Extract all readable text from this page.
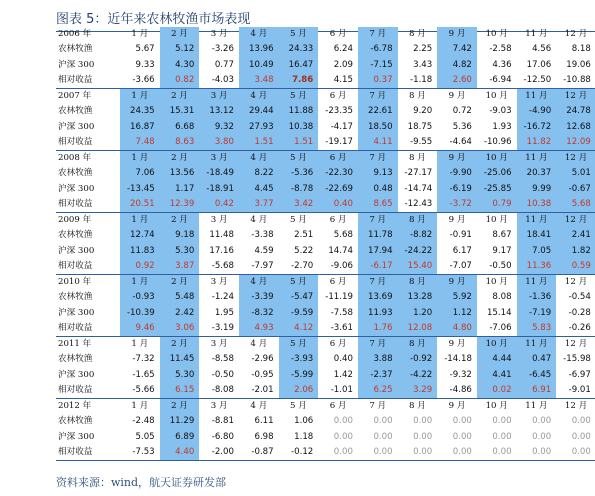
图表 5：近年来农林牧渔市场表现
2006 年	1 月	2 月	3 月	4 月	5 月	6 月	7 月	8 月	9 月	10 月	11 月	12 月
农林牧渔	5.67	5.12	-3.26	13.96	24.33	6.24	-6.78	2.25	7.42	-2.58	4.56	8.18
沪深 300	9.33	4.30	0.77	10.49	16.47	2.09	-7.15	3.43	4.82	4.36	17.06	19.06
相对收益	-3.66	0.82	-4.03	3.48	7.86	4.15	0.37	-1.18	2.60	-6.94	-12.50	-10.88
2007 年	1 月	2 月	3 月	4 月	5 月	6 月	7 月	8 月	9 月	10 月	11 月	12 月
农林牧渔	24.35	15.31	13.12	29.44	11.88	-23.35	22.61	9.20	0.72	-9.03	-4.90	24.78
沪深 300	16.87	6.68	9.32	27.93	10.38	-4.17	18.50	18.75	5.36	1.93	-16.72	12.68
相对收益	7.48	8.63	3.80	1.51	1.51	-19.17	4.11	-9.55	-4.64	-10.96	11.82	12.09
2008 年	1 月	2 月	3 月	4 月	5 月	6 月	7 月	8 月	9 月	10 月	11 月	12 月
农林牧渔	7.06	13.56	-18.49	8.22	-5.36	-22.30	9.13	-27.17	-9.90	-25.06	20.37	5.01
沪深 300	-13.45	1.17	-18.91	4.45	-8.78	-22.69	0.48	-14.74	-6.19	-25.85	9.99	-0.67
相对收益	20.51	12.39	0.42	3.77	3.42	0.40	8.65	-12.43	-3.72	0.79	10.38	5.68
2009 年	1 月	2 月	3 月	4 月	5 月	6 月	7 月	8 月	9 月	10 月	11 月	12 月
农林牧渔	12.74	9.18	11.48	-3.38	2.51	5.68	11.78	-8.82	-0.91	8.67	18.41	2.41
沪深 300	11.83	5.30	17.16	4.59	5.22	14.74	17.94	-24.22	6.17	9.17	7.05	1.82
相对收益	0.92	3.87	-5.68	-7.97	-2.70	-9.06	-6.17	15.40	-7.07	-0.50	11.36	0.59
2010 年	1 月	2 月	3 月	4 月	5 月	6 月	7 月	8 月	9 月	10 月	11 月	12 月
农林牧渔	-0.93	5.48	-1.24	-3.39	-5.47	-11.19	13.69	13.28	5.92	8.08	-1.36	-0.54
沪深 300	-10.39	2.42	1.95	-8.32	-9.59	-7.58	11.93	1.20	1.12	15.14	-7.19	-0.28
相对收益	9.46	3.06	-3.19	4.93	4.12	-3.61	1.76	12.08	4.80	-7.06	5.83	-0.26
2011 年	1 月	2 月	3 月	4 月	5 月	6 月	7 月	8 月	9 月	10 月	11 月	12 月
农林牧渔	-7.32	11.45	-8.58	-2.96	-3.93	0.40	3.88	-0.92	-14.18	4.44	0.47	-15.98
沪深 300	-1.65	5.30	-0.50	-0.95	-5.99	1.42	-2.37	-4.22	-9.32	4.41	-6.45	-6.97
相对收益	-5.66	6.15	-8.08	-2.01	2.06	-1.01	6.25	3.29	-4.86	0.02	6.91	-9.01
2012 年	1 月	2 月	3 月	4 月	5 月	6 月	7 月	8 月	9 月	10 月	11 月	12 月
农林牧渔	-2.48	11.29	-8.81	6.11	1.06	0.00	0.00	0.00	0.00	0.00	0.00	0.00
沪深 300	5.05	6.89	-6.80	6.98	1.18	0.00	0.00	0.00	0.00	0.00	0.00	0.00
相对收益	-7.53	4.40	-2.00	-0.87	-0.12	0.00	0.00	0.00	0.00	0.00	0.00	0.00
资料来源：wind，航天证券研发部
